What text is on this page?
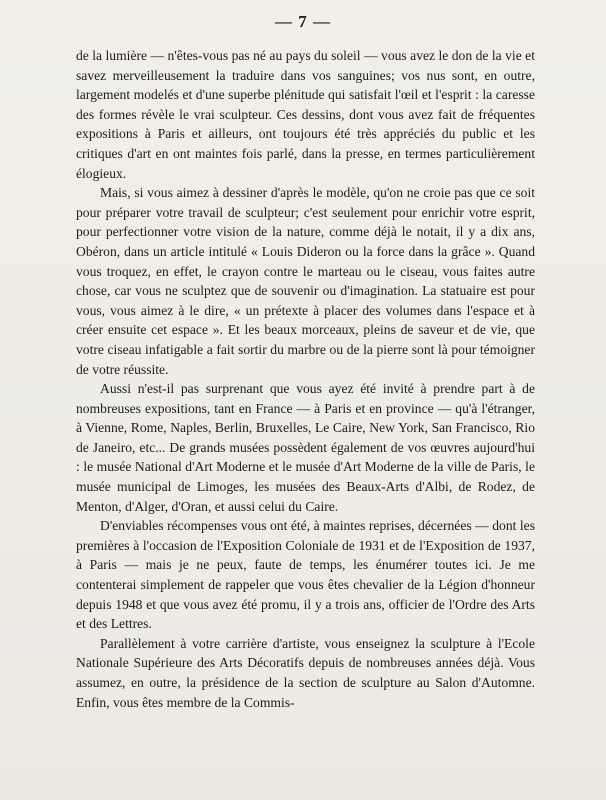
— 7 —

de la lumière — n'êtes-vous pas né au pays du soleil — vous avez le don de la vie et savez merveilleusement la traduire dans vos sanguines; vos nus sont, en outre, largement modelés et d'une superbe plénitude qui satisfait l'œil et l'esprit : la caresse des formes révèle le vrai sculpteur. Ces dessins, dont vous avez fait de fréquentes expositions à Paris et ailleurs, ont toujours été très appréciés du public et les critiques d'art en ont maintes fois parlé, dans la presse, en termes particulièrement élogieux.

Mais, si vous aimez à dessiner d'après le modèle, qu'on ne croie pas que ce soit pour préparer votre travail de sculpteur; c'est seulement pour enrichir votre esprit, pour perfectionner votre vision de la nature, comme déjà le notait, il y a dix ans, Obéron, dans un article intitulé « Louis Dideron ou la force dans la grâce ». Quand vous troquez, en effet, le crayon contre le marteau ou le ciseau, vous faites autre chose, car vous ne sculptez que de souvenir ou d'imagination. La statuaire est pour vous, vous aimez à le dire, « un prétexte à placer des volumes dans l'espace et à créer ensuite cet espace ». Et les beaux morceaux, pleins de saveur et de vie, que votre ciseau infatigable a fait sortir du marbre ou de la pierre sont là pour témoigner de votre réussite.

Aussi n'est-il pas surprenant que vous ayez été invité à prendre part à de nombreuses expositions, tant en France — à Paris et en province — qu'à l'étranger, à Vienne, Rome, Naples, Berlin, Bruxelles, Le Caire, New York, San Francisco, Rio de Janeiro, etc... De grands musées possèdent également de vos œuvres aujourd'hui : le musée National d'Art Moderne et le musée d'Art Moderne de la ville de Paris, le musée municipal de Limoges, les musées des Beaux-Arts d'Albi, de Rodez, de Menton, d'Alger, d'Oran, et aussi celui du Caire.

D'enviables récompenses vous ont été, à maintes reprises, décernées — dont les premières à l'occasion de l'Exposition Coloniale de 1931 et de l'Exposition de 1937, à Paris — mais je ne peux, faute de temps, les énumérer toutes ici. Je me contenterai simplement de rappeler que vous êtes chevalier de la Légion d'honneur depuis 1948 et que vous avez été promu, il y a trois ans, officier de l'Ordre des Arts et des Lettres.

Parallèlement à votre carrière d'artiste, vous enseignez la sculpture à l'Ecole Nationale Supérieure des Arts Décoratifs depuis de nombreuses années déjà. Vous assumez, en outre, la présidence de la section de sculpture au Salon d'Automne. Enfin, vous êtes membre de la Commis-
